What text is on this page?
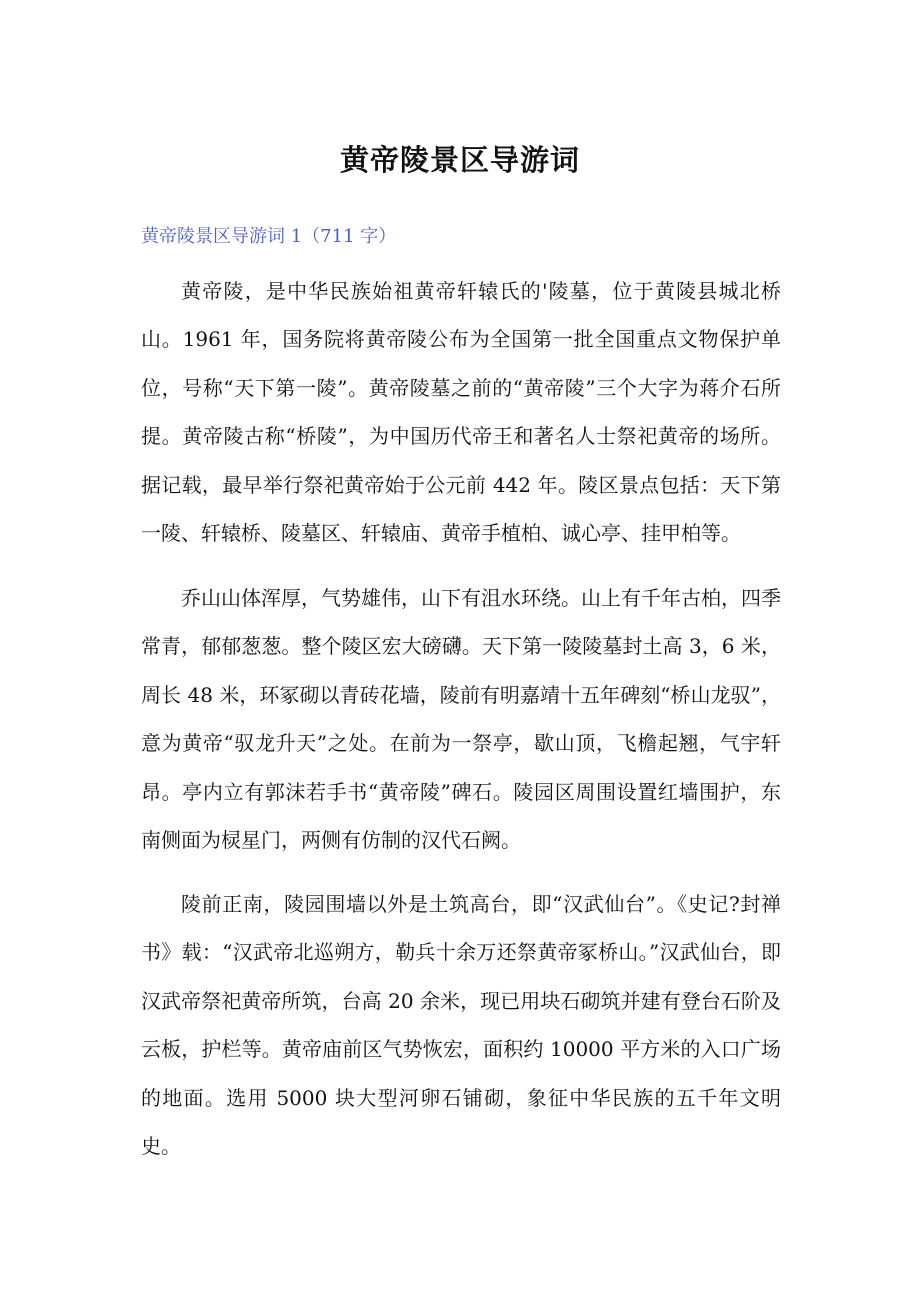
黄帝陵景区导游词
黄帝陵景区导游词 1（711 字）

黄帝陵，是中华民族始祖黄帝轩辕氏的'陵墓，位于黄陵县城北桥山。1961 年，国务院将黄帝陵公布为全国第一批全国重点文物保护单位，号称“天下第一陵”。黄帝陵墓之前的“黄帝陵”三个大字为蒋介石所提。黄帝陵古称“桥陵”，为中国历代帝王和著名人士祭祀黄帝的场所。据记载，最早举行祭祀黄帝始于公元前 442 年。陵区景点包括：天下第一陵、轩辕桥、陵墓区、轩辕庙、黄帝手植柏、诚心亭、挂甲柏等。

乔山山体浑厚，气势雄伟，山下有沮水环绕。山上有千年古柏，四季常青，郁郁葱葱。整个陵区宏大磅礴。天下第一陵陵墓封土高 3，6 米，周长 48 米，环冢砌以青砖花墙，陵前有明嘉靖十五年碑刻“桥山龙驭”，意为黄帝“驭龙升天”之处。在前为一祭亭，歇山顶，飞檐起翘，气宇轩昂。亭内立有郭沫若手书“黄帝陵”碑石。陵园区周围设置红墙围护，东南侧面为棂星门，两侧有仿制的汉代石阙。

陵前正南，陵园围墙以外是土筑高台，即“汉武仙台”。《史记?封禅书》载：“汉武帝北巡朔方，勒兵十余万还祭黄帝冢桥山。”汉武仙台，即汉武帝祭祀黄帝所筑，台高 20 余米，现已用块石砌筑并建有登台石阶及云板，护栏等。黄帝庙前区气势恢宏，面积约 10000 平方米的入口广场的地面。选用 5000 块大型河卵石铺砌，象征中华民族的五千年文明史。
